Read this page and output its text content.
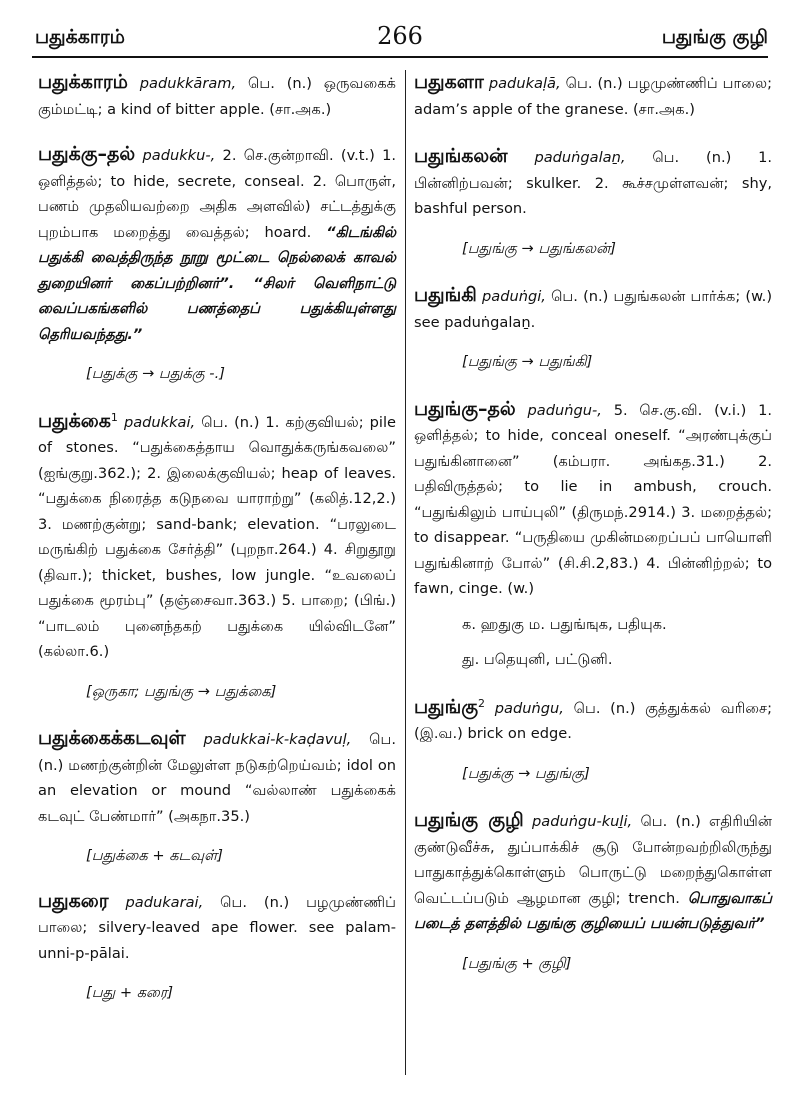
பதுக்காரம்	266	பதுங்கு குழி
பதுக்காரம் padukkāram, பெ. (n.) ஒருவகைக் கும்மட்டி; a kind of bitter apple. (சா.அக.)
பதுக்கு–தல் padukku-, 2. செ.குன்றாவி. (v.t.) 1. ஒளித்தல்; to hide, secrete, conseal. 2. பொருள், பணம் முதலியவற்றை அதிக அளவில்) சட்டத்துக்கு புறம்பாக மறைத்து வைத்தல்; hoard. “கிடங்கில் பதுக்கி வைத்திருந்த நூறு மூட்டை நெல்லைக் காவல் துறையினர் கைப்பற்றினர்”. “சிலர் வெளிநாட்டு வைப்பகங்களில் பணத்தைப் பதுக்கியுள்ளது தெரியவந்தது.”
[பதுக்கு → பதுக்கு -.]
பதுக்கை$^1$ padukkai, பெ. (n.) 1. கற்குவியல்; pile of stones. “பதுக்கைத்தாய வொதுக்கருங்கவலை” (ஐங்குறு.362.); 2. இலைக்குவியல்; heap of leaves. “பதுக்கை நிரைத்த கடுநவை யாராற்று” (கலித்.12,2.) 3. மணற்குன்று; sand-bank; elevation. “பரலுடை மருங்கிற் பதுக்கை சேர்த்தி” (புறநா.264.) 4. சிறுதூறு (திவா.); thicket, bushes, low jungle. “உவலைப் பதுக்கை மூரம்பு” (தஞ்சைவா.363.) 5. பாறை; (பிங்.) “பாடலம் புனைந்தகற் பதுக்கை யில்விடனே” (கல்லா.6.)
[ஒருகா; பதுங்கு → பதுக்கை]
பதுக்கைக்கடவுள் padukkai-k-kaḍavuḷ, பெ. (n.) மணற்குன்றின் மேலுள்ள நடுகற்றெய்வம்; idol on an elevation or mound “வல்லாண் பதுக்கைக் கடவுட் பேண்மார்” (அகநா.35.)
[பதுக்கை + கடவுள்]
பதுகரை padukarai, பெ. (n.) பழமுண்ணிப் பாலை; silvery-leaved ape flower. see palam-unni-p-pālai.
[பது + கரை]
பதுகளா padukaḷā, பெ. (n.) பழமுண்ணிப் பாலை; adam’s apple of the granese. (சா.அக.)
பதுங்கலன் paduṅgalaṉ, பெ. (n.) 1. பின்னிற்பவன்; skulker. 2. கூச்சமுள்ளவன்; shy, bashful person.
[பதுங்கு → பதுங்கலன்]
பதுங்கி paduṅgi, பெ. (n.) பதுங்கலன் பார்க்க; (w.) see paduṅgalaṉ.
[பதுங்கு → பதுங்கி]
பதுங்கு–தல் paduṅgu-, 5. செ.கு.வி. (v.i.) 1. ஒளித்தல்; to hide, conceal oneself. “அரண்புக்குப் பதுங்கினானை” (கம்பரா. அங்கத.31.) 2. பதிவிருத்தல்; to lie in ambush, crouch. “பதுங்கிலும் பாய்புலி” (திருமந்.2914.) 3. மறைத்தல்; to disappear. “பருதியை முகின்மறைப்பப் பாயொளி பதுங்கினாற் போல்” (சி.சி.2,83.) 4. பின்னிற்றல்; to fawn, cinge. (w.)
க. ஹதுகு ம. பதுங்ஙுக, பதியுக.
து. பதெயுனி, பட்டுனி.
பதுங்கு$^2$ paduṅgu, பெ. (n.) குத்துக்கல் வரிசை; (இ.வ.) brick on edge.
[பதுக்கு → பதுங்கு]
பதுங்கு குழி paduṅgu-kuḻi, பெ. (n.) எதிரியின் குண்டுவீச்சு, துப்பாக்கிச் சூடு போன்றவற்றிலிருந்து பாதுகாத்துக்கொள்ளும் பொருட்டு மறைந்துகொள்ள வெட்டப்படும் ஆழமான குழி; trench. பொதுவாகப் படைத் தளத்தில் பதுங்கு குழியைப் பயன்படுத்துவர்”
[பதுங்கு + குழி]
